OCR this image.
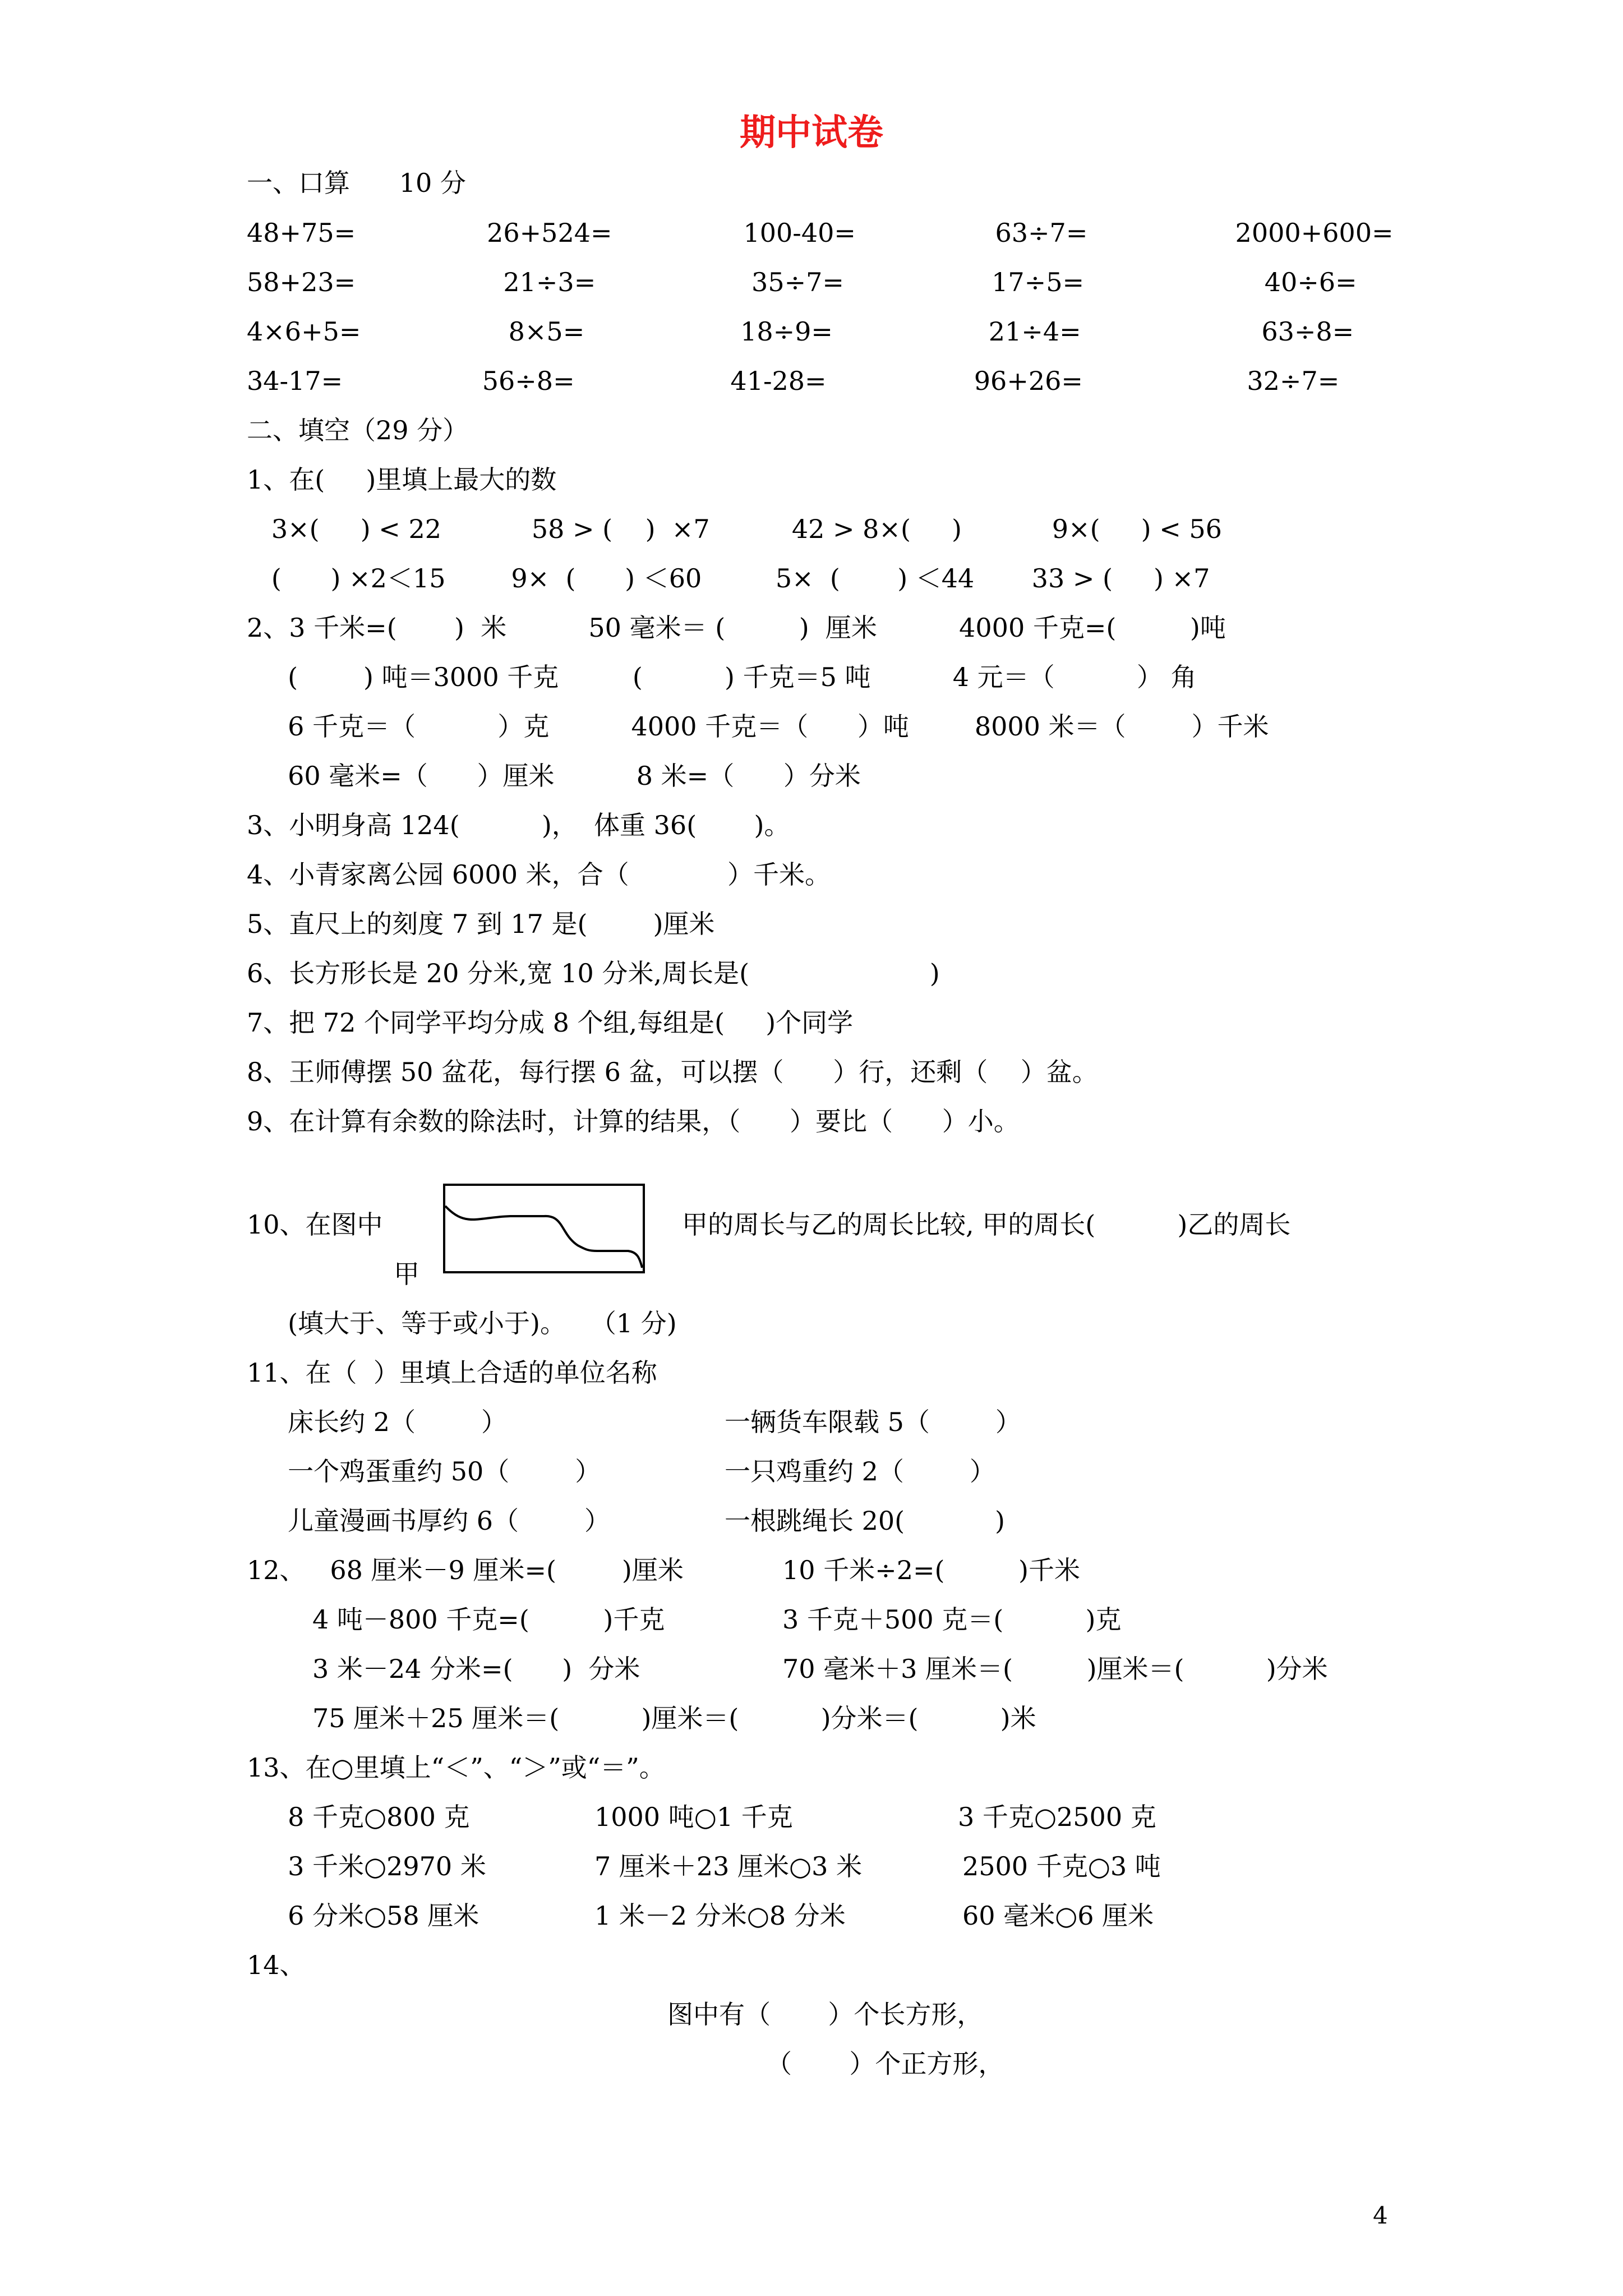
期中试卷
一、口算      10 分
48+75=                26+524=                100-40=                 63÷7=                  2000+600=
58+23=                  21÷3=                   35÷7=                  17÷5=                      40÷6=
4×6+5=                  8×5=                   18÷9=                   21÷4=                      63÷8=
34-17=                 56÷8=                   41-28=                  96+26=                    32÷7=
二、填空（29 分）
1、在(     )里填上最大的数
3×(     ) < 22           58 > (    )  ×7          42 > 8×(     )           9×(     ) < 56
(      ) ×2＜15        9×  (      ) ＜60         5×  (       ) ＜44       33 > (     ) ×7
2、3 千米=(       )  米          50 毫米＝ (         )  厘米          4000 千克=(         )吨
(        ) 吨＝3000 千克         (          ) 千克＝5 吨          4 元＝（          ） 角
6 千克＝（          ）克          4000 千克＝（      ）吨        8000 米＝（        ）千米
60 毫米=（      ）厘米          8 米=（      ）分米
3、小明身高 124(          )，  体重 36(       )。
4、小青家离公园 6000 米，合（            ）千米。
5、直尺上的刻度 7 到 17 是(        )厘米
6、长方形长是 20 分米,宽 10 分米,周长是(                      )
7、把 72 个同学平均分成 8 个组,每组是(     )个同学
8、王师傅摆 50 盆花，每行摆 6 盆，可以摆（      ）行，还剩（    ）盆。
9、在计算有余数的除法时，计算的结果，（      ）要比（      ）小。
10、在图中
甲
甲的周长与乙的周长比较, 甲的周长(          )乙的周长
(填大于、等于或小于)。   （1 分)
11、在（  ）里填上合适的单位名称
床长约 2（        ）	一辆货车限载 5（        ）
一个鸡蛋重约 50（        ）	一只鸡重约 2（        ）
儿童漫画书厚约 6（        ）	一根跳绳长 20(           )
12、   68 厘米－9 厘米=(        )厘米	10 千米÷2=(         )千米
4 吨－800 千克=(         )千克	3 千克＋500 克＝(          )克
3 米－24 分米=(      )  分米	70 毫米＋3 厘米＝(         )厘米＝(          )分米
75 厘米＋25 厘米＝(          )厘米＝(          )分米＝(          )米
13、在○里填上“＜”、“＞”或“＝”。
8 千克○800 克	1000 吨○1 千克	3 千克○2500 克
3 千米○2970 米	7 厘米＋23 厘米○3 米	2500 千克○3 吨
6 分米○58 厘米	1 米－2 分米○8 分米	60 毫米○6 厘米
14、
图中有（       ）个长方形，
（       ）个正方形，
4
